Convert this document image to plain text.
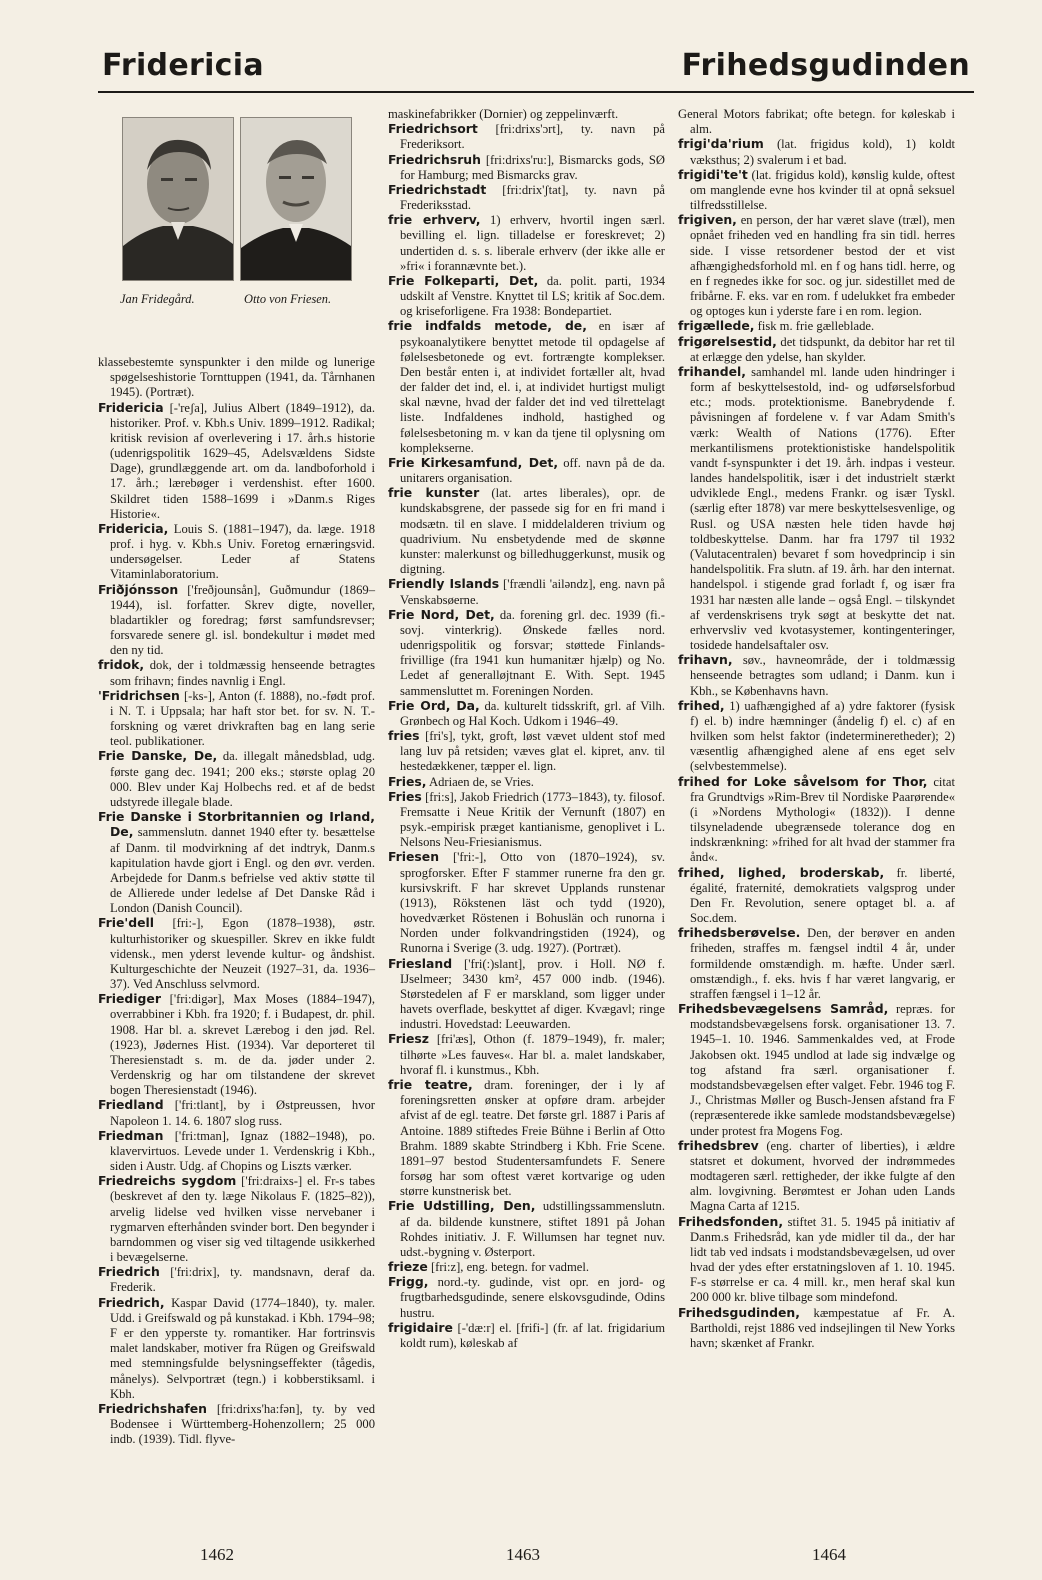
Fridericia	Frihedsgudinden
Jan Fridegård.	Otto von Friesen.

klassebestemte synspunkter i den milde og lunerige spøgelseshistorie Tornttuppen (1941, da. Tårnhanen 1945). (Portræt).

Fridericia [-'reʃa], Julius Albert (1849–1912), da. historiker. Prof. v. Kbh.s Univ. 1899–1912. Radikal; kritisk revision af overlevering i 17. årh.s historie (udenrigspolitik 1629–45, Adelsvældens Sidste Dage), grundlæggende art. om da. landboforhold i 17. årh.; lærebøger i verdenshist. efter 1600. Skildret tiden 1588–1699 i »Danm.s Riges Historie«.

Fridericia, Louis S. (1881–1947), da. læge. 1918 prof. i hyg. v. Kbh.s Univ. Foretog ernæringsvid. undersøgelser. Leder af Statens Vitaminlaboratorium.

Friðjónsson ['freðjounsån], Guðmundur (1869–1944), isl. forfatter. Skrev digte, noveller, bladartikler og foredrag; først samfundsrevser; forsvarede senere gl. isl. bondekultur i mødet med den ny tid.

fridok, dok, der i toldmæssig henseende betragtes som frihavn; findes navnlig i Engl.

'Fridrichsen [-ks-], Anton (f. 1888), no.-født prof. i N. T. i Uppsala; har haft stor bet. for sv. N. T.-forskning og været drivkraften bag en lang serie teol. publikationer.

Frie Danske, De, da. illegalt månedsblad, udg. første gang dec. 1941; 200 eks.; største oplag 20 000. Blev under Kaj Holbechs red. et af de bedst udstyrede illegale blade.

Frie Danske i Storbritannien og Irland, De, sammenslutn. dannet 1940 efter ty. besættelse af Danm. til modvirkning af det indtryk, Danm.s kapitulation havde gjort i Engl. og den øvr. verden. Arbejdede for Danm.s befrielse ved aktiv støtte til de Allierede under ledelse af Det Danske Råd i London (Danish Council).

Frie'dell [fri:-], Egon (1878–1938), østr. kulturhistoriker og skuespiller. Skrev en ikke fuldt vidensk., men yderst levende kultur- og åndshist. Kulturgeschichte der Neuzeit (1927–31, da. 1936–37). Ved Anschluss selvmord.

Friediger ['fri:digər], Max Moses (1884–1947), overrabbiner i Kbh. fra 1920; f. i Budapest, dr. phil. 1908. Har bl. a. skrevet Lærebog i den jød. Rel. (1923), Jødernes Hist. (1934). Var deporteret til Theresienstadt s. m. de da. jøder under 2. Verdenskrig og har om tilstandene der skrevet bogen Theresienstadt (1946).

Friedland ['fri:tlant], by i Østpreussen, hvor Napoleon 1. 14. 6. 1807 slog russ.

Friedman ['fri:tman], Ignaz (1882–1948), po. klavervirtuos. Levede under 1. Verdenskrig i Kbh., siden i Austr. Udg. af Chopins og Liszts værker.

Friedreichs sygdom ['fri:draixs-] el. Fr-s tabes (beskrevet af den ty. læge Nikolaus F. (1825–82)), arvelig lidelse ved hvilken visse nervebaner i rygmarven efterhånden svinder bort. Den begynder i barndommen og viser sig ved tiltagende usikkerhed i bevægelserne.

Friedrich ['fri:drix], ty. mandsnavn, deraf da. Frederik.

Friedrich, Kaspar David (1774–1840), ty. maler. Udd. i Greifswald og på kunstakad. i Kbh. 1794–98; F er den ypperste ty. romantiker. Har fortrinsvis malet landskaber, motiver fra Rügen og Greifswald med stemningsfulde belysningseffekter (tågedis, månelys). Selvportræt (tegn.) i kobberstiksaml. i Kbh.

Friedrichshafen [fri:drixs'ha:fən], ty. by ved Bodensee i Württemberg-Hohenzollern; 25 000 indb. (1939). Tidl. flyve-

maskinefabrikker (Dornier) og zeppelinværft.

Friedrichsort [fri:drixs'ɔrt], ty. navn på Frederiksort.

Friedrichsruh [fri:drixs'ru:], Bismarcks gods, SØ for Hamburg; med Bismarcks grav.

Friedrichstadt [fri:drix'ʃtat], ty. navn på Frederiksstad.

frie erhverv, 1) erhverv, hvortil ingen særl. bevilling el. lign. tilladelse er foreskrevet; 2) undertiden d. s. s. liberale erhverv (der ikke alle er »fri« i forannævnte bet.).

Frie Folkeparti, Det, da. polit. parti, 1934 udskilt af Venstre. Knyttet til LS; kritik af Soc.dem. og kriseforligene. Fra 1938: Bondepartiet.

frie indfalds metode, de, en især af psykoanalytikere benyttet metode til opdagelse af følelsesbetonede og evt. fortrængte komplekser. Den består enten i, at individet fortæller alt, hvad der falder det ind, el. i, at individet hurtigst muligt skal nævne, hvad der falder det ind ved tilrettelagt liste. Indfaldenes indhold, hastighed og følelsesbetoning m. v kan da tjene til oplysning om komplekserne.

Frie Kirkesamfund, Det, off. navn på de da. unitarers organisation.

frie kunster (lat. artes liberales), opr. de kundskabsgrene, der passede sig for en fri mand i modsætn. til en slave. I middelalderen trivium og quadrivium. Nu ensbetydende med de skønne kunster: malerkunst og billedhuggerkunst, musik og digtning.

Friendly Islands ['frændli 'ailəndz], eng. navn på Venskabsøerne.

Frie Nord, Det, da. forening grl. dec. 1939 (fi.-sovj. vinterkrig). Ønskede fælles nord. udenrigspolitik og forsvar; støttede Finlands-frivillige (fra 1941 kun humanitær hjælp) og No. Ledet af generalløjtnant E. With. Sept. 1945 sammensluttet m. Foreningen Norden.

Frie Ord, Da, da. kulturelt tidsskrift, grl. af Vilh. Grønbech og Hal Koch. Udkom i 1946–49.

fries [fri's], tykt, groft, løst vævet uldent stof med lang luv på retsiden; væves glat el. kipret, anv. til hestedækkener, tæpper el. lign.

Fries, Adriaen de, se Vries.

Fries [fri:s], Jakob Friedrich (1773–1843), ty. filosof. Fremsatte i Neue Kritik der Vernunft (1807) en psyk.-empirisk præget kantianisme, genoplivet i L. Nelsons Neu-Friesianismus.

Friesen ['fri:-], Otto von (1870–1924), sv. sprogforsker. Efter F stammer runerne fra den gr. kursivskrift. F har skrevet Upplands runstenar (1913), Rökstenen läst och tydd (1920), hovedværket Röstenen i Bohuslän och runorna i Norden under folkvandringstiden (1924), og Runorna i Sverige (3. udg. 1927). (Portræt).

Friesland ['fri(:)slant], prov. i Holl. NØ f. IJselmeer; 3430 km², 457 000 indb. (1946). Størstedelen af F er marskland, som ligger under havets overflade, beskyttet af diger. Kvægavl; ringe industri. Hovedstad: Leeuwarden.

Friesz [fri'æs], Othon (f. 1879–1949), fr. maler; tilhørte »Les fauves«. Har bl. a. malet landskaber, hvoraf fl. i kunstmus., Kbh.

frie teatre, dram. foreninger, der i ly af foreningsretten ønsker at opføre dram. arbejder afvist af de egl. teatre. Det første grl. 1887 i Paris af Antoine. 1889 stiftedes Freie Bühne i Berlin af Otto Brahm. 1889 skabte Strindberg i Kbh. Frie Scene. 1891–97 bestod Studentersamfundets F. Senere forsøg har som oftest været kortvarige og uden større kunstnerisk bet.

Frie Udstilling, Den, udstillingssammenslutn. af da. bildende kunstnere, stiftet 1891 på Johan Rohdes initiativ. J. F. Willumsen har tegnet nuv. udst.-bygning v. Østerport.

frieze [fri:z], eng. betegn. for vadmel.

Frigg, nord.-ty. gudinde, vist opr. en jord- og frugtbarhedsgudinde, senere elskovsgudinde, Odins hustru.

frigidaire [-'dæ:r] el. [frifi-] (fr. af lat. frigidarium koldt rum), køleskab af

General Motors fabrikat; ofte betegn. for køleskab i alm.

frigi'da'rium (lat. frigidus kold), 1) koldt væksthus; 2) svalerum i et bad.

frigidi'te't (lat. frigidus kold), kønslig kulde, oftest om manglende evne hos kvinder til at opnå seksuel tilfredsstillelse.

frigiven, en person, der har været slave (træl), men opnået friheden ved en handling fra sin tidl. herres side. I visse retsordener bestod der et vist afhængighedsforhold ml. en f og hans tidl. herre, og en f regnedes ikke for soc. og jur. sidestillet med de fribårne. F. eks. var en rom. f udelukket fra embeder og optoges kun i yderste fare i en rom. legion.

frigællede, fisk m. frie gælleblade.

frigørelsestid, det tidspunkt, da debitor har ret til at erlægge den ydelse, han skylder.

frihandel, samhandel ml. lande uden hindringer i form af beskyttelsestold, ind- og udførselsforbud etc.; mods. protektionisme. Banebrydende f. påvisningen af fordelene v. f var Adam Smith's værk: Wealth of Nations (1776). Efter merkantilismens protektionistiske handelspolitik vandt f-synspunkter i det 19. årh. indpas i vesteur. landes handelspolitik, især i det industrielt stærkt udviklede Engl., medens Frankr. og især Tyskl. (særlig efter 1878) var mere beskyttelsesvenlige, og Rusl. og USA næsten hele tiden havde høj toldbeskyttelse. Danm. har fra 1797 til 1932 (Valutacentralen) bevaret f som hovedprincip i sin handelspolitik. Fra slutn. af 19. årh. har den internat. handelspol. i stigende grad forladt f, og især fra 1931 har næsten alle lande – også Engl. – tilskyndet af verdenskrisens tryk søgt at beskytte det nat. erhvervsliv ved kvotasystemer, kontingenteringer, tosidede handelsaftaler osv.

frihavn, søv., havneområde, der i toldmæssig henseende betragtes som udland; i Danm. kun i Kbh., se Københavns havn.

frihed, 1) uafhængighed af a) ydre faktorer (fysisk f) el. b) indre hæmninger (åndelig f) el. c) af en hvilken som helst faktor (indetermineretheder); 2) væsentlig afhængighed alene af ens eget selv (selvbestemmelse).

frihed for Loke såvelsom for Thor, citat fra Grundtvigs »Rim-Brev til Nordiske Paarørende« (i »Nordens Mythologi« (1832)). I denne tilsyneladende ubegrænsede tolerance dog en indskrænkning: »frihed for alt hvad der stammer fra ånd«.

frihed, lighed, broderskab, fr. liberté, égalité, fraternité, demokratiets valgsprog under Den Fr. Revolution, senere optaget bl. a. af Soc.dem.

frihedsberøvelse. Den, der berøver en anden friheden, straffes m. fængsel indtil 4 år, under formildende omstændigh. m. hæfte. Under særl. omstændigh., f. eks. hvis f har været langvarig, er straffen fængsel i 1–12 år.

Frihedsbevægelsens Samråd, repræs. for modstandsbevægelsens forsk. organisationer 13. 7. 1945–1. 10. 1946. Sammenkaldes ved, at Frode Jakobsen okt. 1945 undlod at lade sig indvælge og tog afstand fra særl. organisationer f. modstandsbevægelsen efter valget. Febr. 1946 tog F. J., Christmas Møller og Busch-Jensen afstand fra F (repræsenterede ikke samlede modstandsbevægelse) under protest fra Mogens Fog.

frihedsbrev (eng. charter of liberties), i ældre statsret et dokument, hvorved der indrømmedes modtageren særl. rettigheder, der ikke fulgte af den alm. lovgivning. Berømtest er Johan uden Lands Magna Carta af 1215.

Frihedsfonden, stiftet 31. 5. 1945 på initiativ af Danm.s Frihedsråd, kan yde midler til da., der har lidt tab ved indsats i modstandsbevægelsen, ud over hvad der ydes efter erstatningsloven af 1. 10. 1945. F-s størrelse er ca. 4 mill. kr., men heraf skal kun 200 000 kr. blive tilbage som mindefond.

Frihedsgudinden, kæmpestatue af Fr. A. Bartholdi, rejst 1886 ved indsejlingen til New Yorks havn; skænket af Frankr.

1462	1463	1464
